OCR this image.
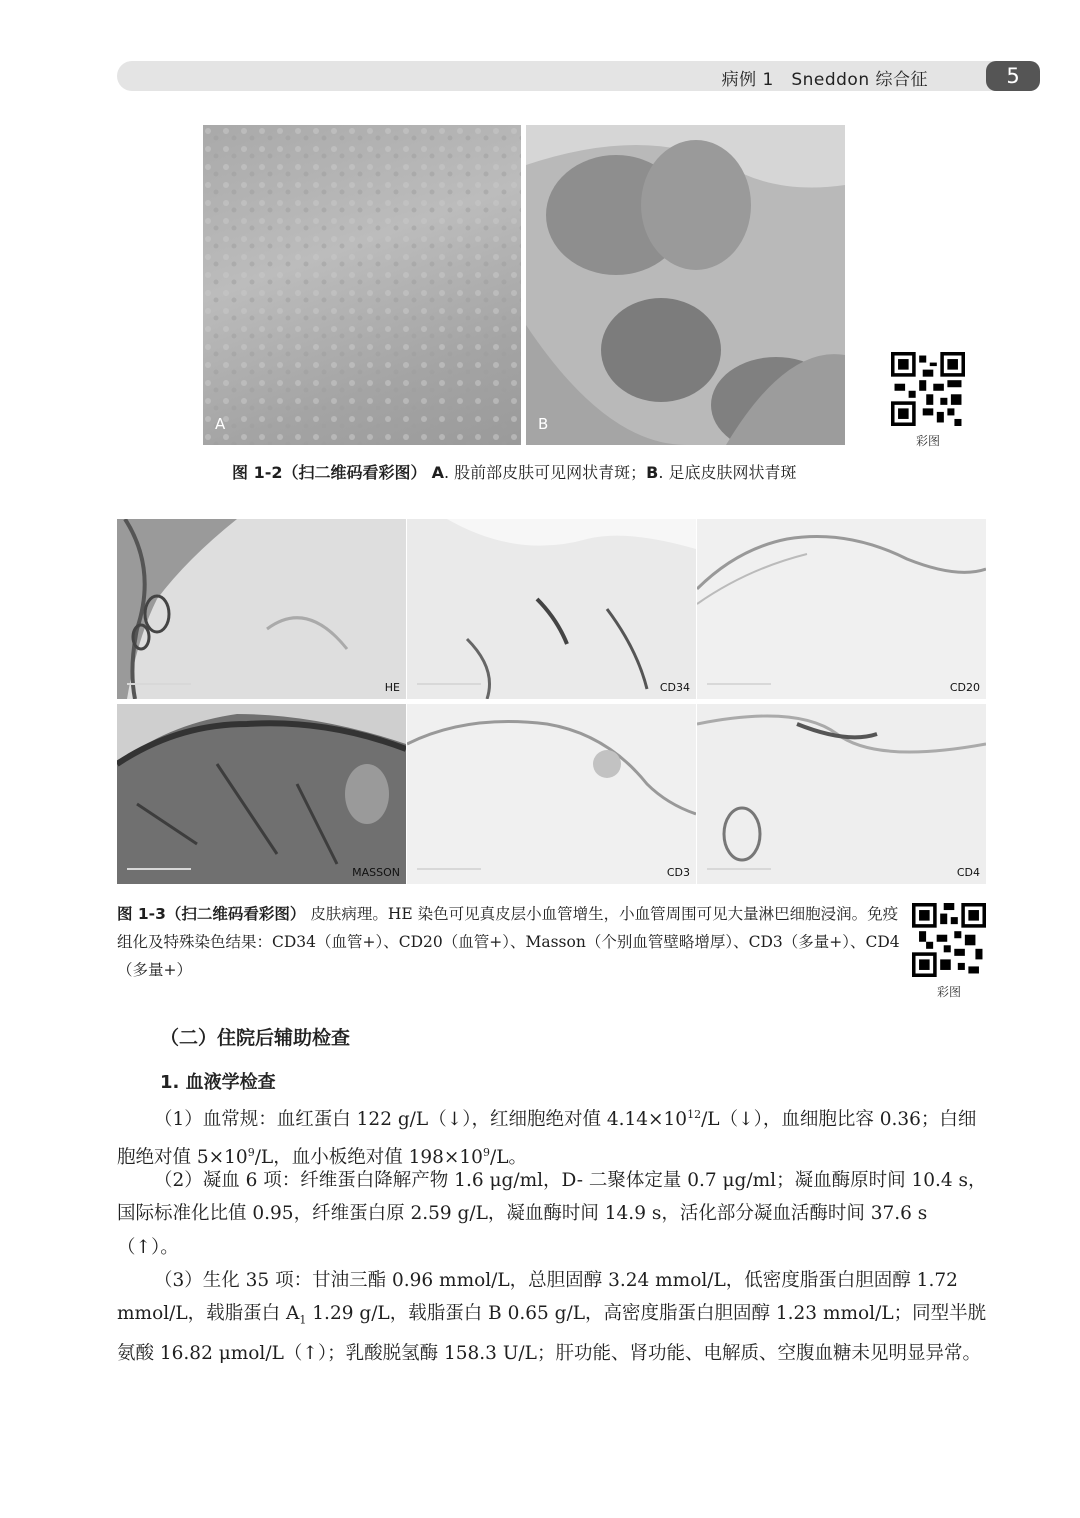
病例 1　Sneddon 综合征	5
A	B
彩图
图 1-2（扫二维码看彩图） A. 股前部皮肤可见网状青斑；B. 足底皮肤网状青斑
HE	CD34	CD20
MASSON	CD3	CD4
图 1-3（扫二维码看彩图） 皮肤病理。HE 染色可见真皮层小血管增生，小血管周围可见大量淋巴细胞浸润。免疫组化及特殊染色结果：CD34（血管+）、CD20（血管+）、Masson（个别血管壁略增厚）、CD3（多量+）、CD4（多量+）
彩图
（二）住院后辅助检查
1. 血液学检查
（1）血常规：血红蛋白 122 g/L（↓），红细胞绝对值 $4.14\times 10^{12}/L(↓)$，血细胞比容 0.36；白细胞绝对值 $5\times 10^9/L$，血小板绝对值 $198\times 10^9/L$。
（2）凝血 6 项：纤维蛋白降解产物 1.6 μg/ml，D- 二聚体定量 0.7 μg/ml；凝血酶原时间 10.4 s，国际标准化比值 0.95，纤维蛋白原 2.59 g/L，凝血酶时间 14.9 s，活化部分凝血活酶时间 37.6 s（↑）。
（3）生化 35 项：甘油三酯 0.96 mmol/L，总胆固醇 3.24 mmol/L，低密度脂蛋白胆固醇 1.72 mmol/L，载脂蛋白 $A_1$ 1.29 g/L，载脂蛋白 B 0.65 g/L，高密度脂蛋白胆固醇 1.23 mmol/L；同型半胱氨酸 16.82 μmol/L（↑）；乳酸脱氢酶 158.3 U/L；肝功能、肾功能、电解质、空腹血糖未见明显异常。
